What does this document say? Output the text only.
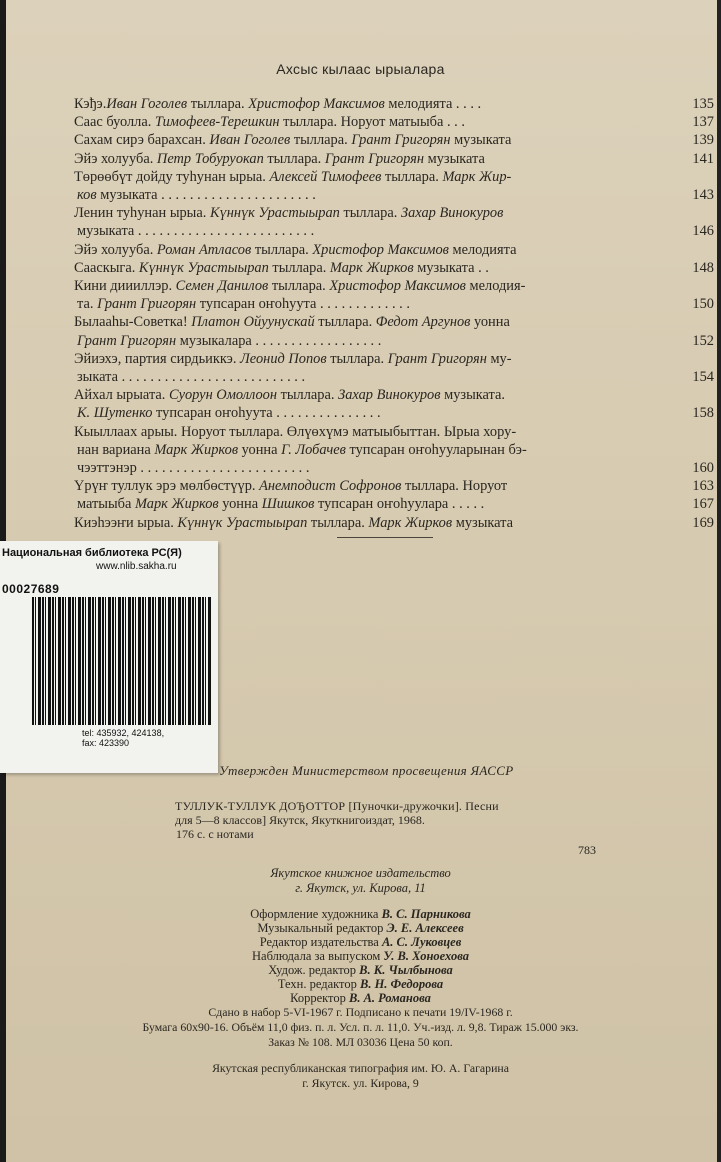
Ахсыс кылаас ырыалара
Кэђэ.Иван Гоголев тыллара. Христофор Максимов мелодията . . . .	135
Саас буолла. Тимофеев-Терешкин тыллара. Норуот матыыба . . .	137
Сахам сирэ барахсан. Иван Гоголев тыллара. Грант Григорян музыката	139
Эйэ холууба. Петр Тобуруокап тыллара. Грант Григорян музыката	141
Төрөөбүт дойду туһунан ырыа. Алексей Тимофеев тыллара. Марк Жир-
ков музыката . . . . . . . . . . . . . . . . . . . . . .	143
Ленин туһунан ырыа. Күннүк Урастыырап тыллара. Захар Винокуров
музыката . . . . . . . . . . . . . . . . . . . . . . . . .	146
Эйэ холууба. Роман Атласов тыллара. Христофор Максимов мелодията
Сааскыга. Күннүк Урастыырап тыллара. Марк Жирков музыката . .	148
Кини диииллэр. Семен Данилов тыллара. Христофор Максимов мелодия-
та. Грант Григорян тупсаран оҥоһуута . . . . . . . . . . . . .	150
Былааһы-Советка! Платон Ойуунускай тыллара. Федот Аргунов уонна
Грант Григорян музыкалара . . . . . . . . . . . . . . . . . .	152
Эйиэхэ, партия сирдьиккэ. Леонид Попов тыллара. Грант Григорян му-
зыката . . . . . . . . . . . . . . . . . . . . . . . . . .	154
Айхал ырыата. Суорун Омоллоон тыллара. Захар Винокуров музыката.
К. Шутенко тупсаран оҥоһуута . . . . . . . . . . . . . . .	158
Кыыллаах арыы. Норуот тыллара. Өлүөхүмэ матыыбыттан. Ырыа хору-
нан варианa Марк Жирков уонна Г. Лобачев тупсаран оҥоһууларынан бэ-
чээттэнэр . . . . . . . . . . . . . . . . . . . . . . . .	160
Үрүҥ туллук эрэ мөлбөстүүр. Анемподист Софронов тыллара. Норуот	163
матыыба Марк Жирков уонна Шишков тупсаран оҥоһуулара . . . . .	167
Киэһээҥи ырыа. Күннүк Урастыырап тыллара. Марк Жирков музыката	169
Национальная библиотека РС(Я)
www.nlib.sakha.ru
00027689
tel: 435932, 424138,
fax: 423390
Утвержден Министерством просвещения ЯАССР
ТУЛЛУК-ТУЛЛУК ДОЂОТТОР [Пуночки-дружочки]. Песни
для 5—8 классов] Якутск, Якуткнигоиздат, 1968.
176 с. с нотами
783
Якутское книжное издательство
г. Якутск, ул. Кирова, 11
Оформление художника В. С. Парникова
Музыкальный редактор Э. Е. Алексеев
Редактор издательства А. С. Луковцев
Наблюдала за выпуском У. В. Хоноехова
Худож. редактор В. К. Чылбынова
Техн. редактор В. Н. Федорова
Корректор В. А. Романова
Сдано в набор 5-VI-1967 г. Подписано к печати 19/IV-1968 г.
Бумага 60х90-16. Объём 11,0 физ. п. л. Усл. п. л. 11,0. Уч.-изд. л. 9,8. Тираж 15.000 экз.
Заказ № 108. МЛ 03036 Цена 50 коп.
Якутская республиканская типография им. Ю. А. Гагарина
г. Якутск. ул. Кирова, 9
